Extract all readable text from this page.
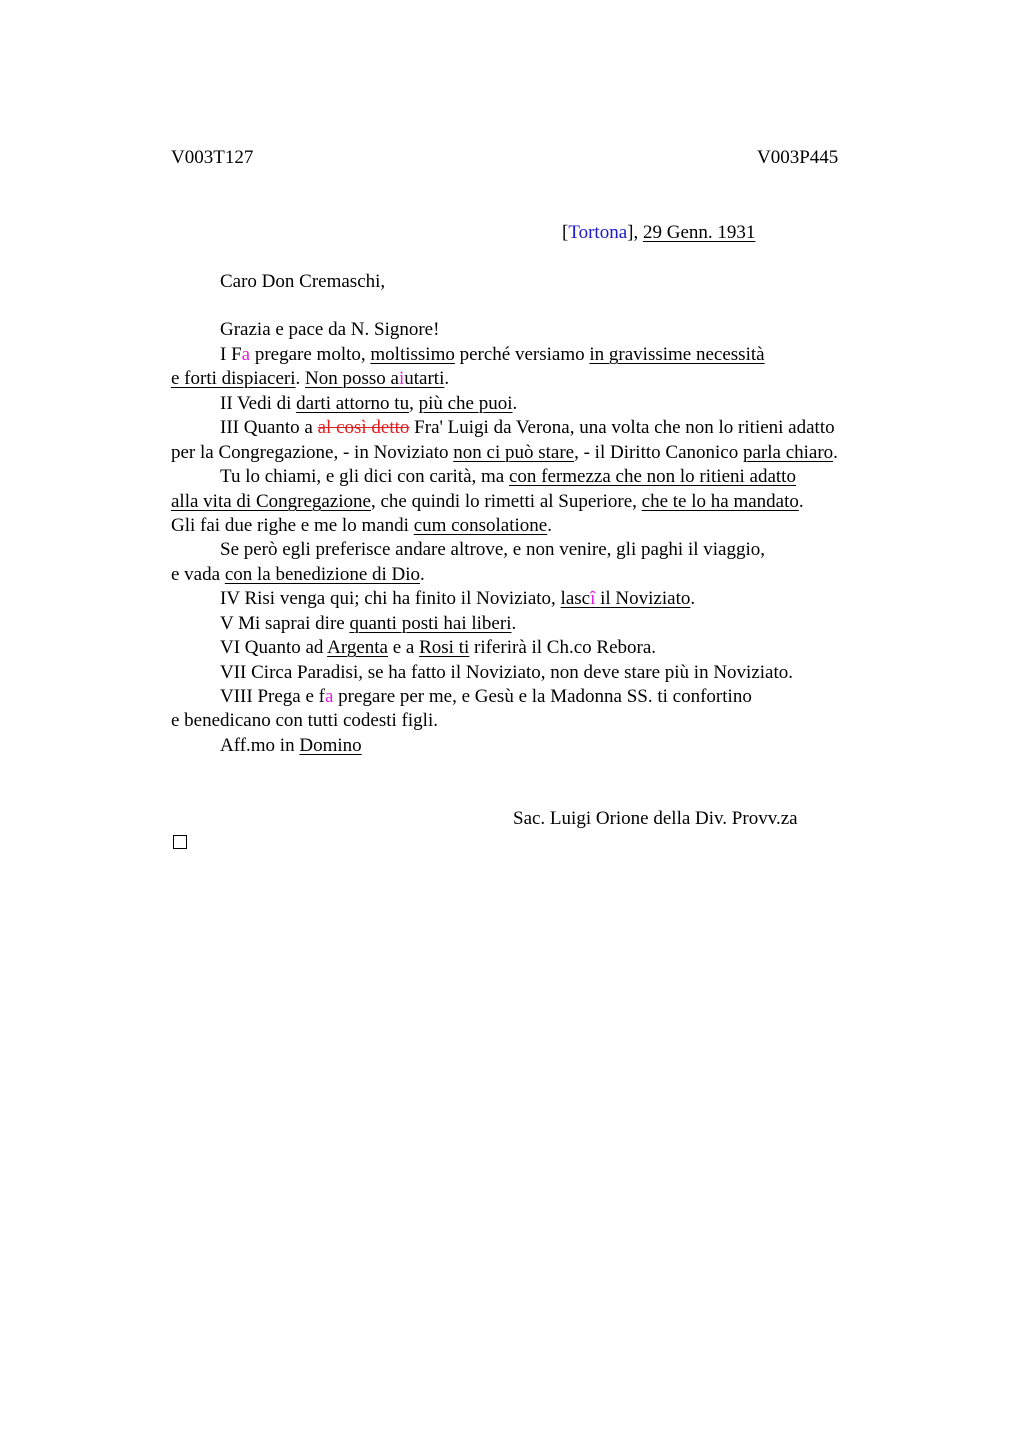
V003T127	V003P445
[Tortona], 29 Genn. 1931
Caro Don Cremaschi,
Grazia e pace da N. Signore!
I Fa pregare molto, moltissimo perché versiamo in gravissime necessità
e forti dispiaceri. Non posso aiutarti.
II Vedi di darti attorno tu, più che puoi.
III Quanto a al così detto Fra' Luigi da Verona, una volta che non lo ritieni adatto
per la Congregazione, - in Noviziato non ci può stare, - il Diritto Canonico parla chiaro.
Tu lo chiami, e gli dici con carità, ma con fermezza che non lo ritieni adatto
alla vita di Congregazione, che quindi lo rimetti al Superiore, che te lo ha mandato.
Gli fai due righe e me lo mandi cum consolatione.
Se però egli preferisce andare altrove, e non venire, gli paghi il viaggio,
e vada con la benedizione di Dio.
IV Risi venga qui; chi ha finito il Noviziato, lascî il Noviziato.
V Mi saprai dire quanti posti hai liberi.
VI Quanto ad Argenta e a Rosi ti riferirà il Ch.co Rebora.
VII Circa Paradisi, se ha fatto il Noviziato, non deve stare più in Noviziato.
VIII Prega e fa pregare per me, e Gesù e la Madonna SS. ti confortino
e benedicano con tutti codesti figli.
Aff.mo in Domino
Sac. Luigi Orione della Div. Provv.za
